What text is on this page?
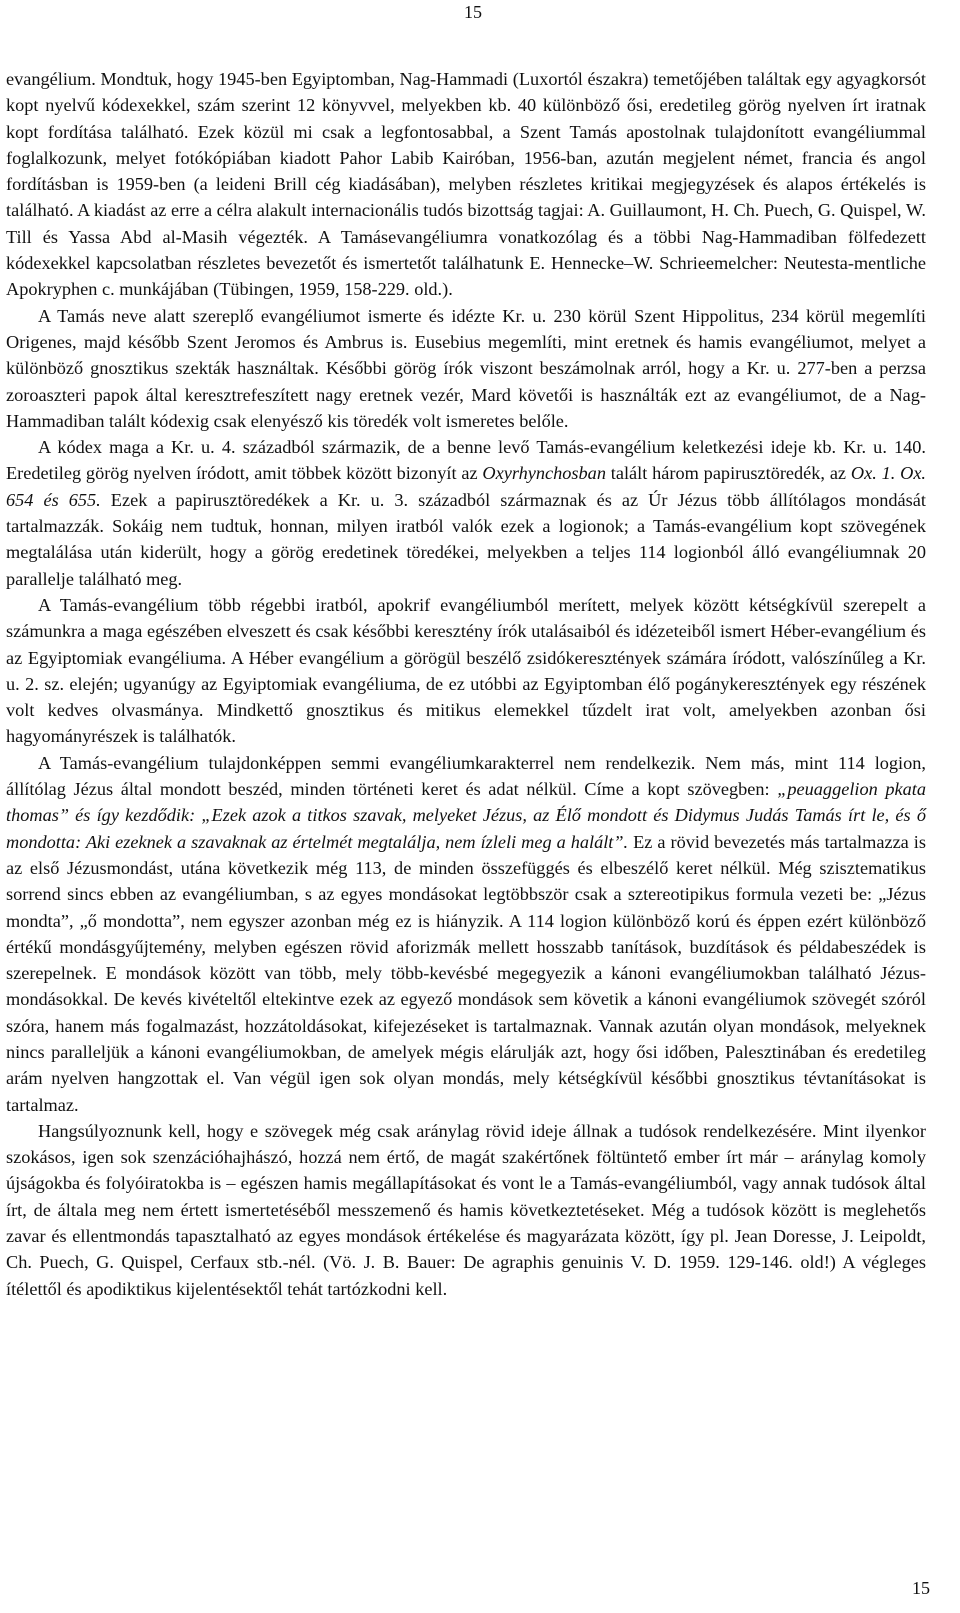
15

evangélium. Mondtuk, hogy 1945-ben Egyiptomban, Nag-Hammadi (Luxortól északra) temetőjében találtak egy agyagkorsót kopt nyelvű kódexekkel, szám szerint 12 könyvvel, melyekben kb. 40 különböző ősi, eredetileg görög nyelven írt iratnak kopt fordítása található. Ezek közül mi csak a legfontosabbal, a Szent Tamás apostolnak tulajdonított evangéliummal foglalkozunk, melyet fotókópiában kiadott Pahor Labib Kairóban, 1956-ban, azután megjelent német, francia és angol fordításban is 1959-ben (a leideni Brill cég kiadásában), melyben részletes kritikai megjegyzések és alapos értékelés is található. A kiadást az erre a célra alakult internacionális tudós bizottság tagjai: A. Guillaumont, H. Ch. Puech, G. Quispel, W. Till és Yassa Abd al-Masih végezték. A Tamásevangéliumra vonatkozólag és a többi Nag-Hammadiban fölfedezett kódexekkel kapcsolatban részletes bevezetőt és ismertetőt találhatunk E. Hennecke–W. Schrieemelcher: Neutesta-mentliche Apokryphen c. munkájában (Tübingen, 1959, 158-229. old.).

A Tamás neve alatt szereplő evangéliumot ismerte és idézte Kr. u. 230 körül Szent Hippolitus, 234 körül megemlíti Origenes, majd később Szent Jeromos és Ambrus is. Eusebius megemlíti, mint eretnek és hamis evangéliumot, melyet a különböző gnosztikus szekták használtak. Későbbi görög írók viszont beszámolnak arról, hogy a Kr. u. 277-ben a perzsa zoroaszteri papok által keresztrefeszített nagy eretnek vezér, Mard követői is használták ezt az evangéliumot, de a Nag-Hammadiban talált kódexig csak elenyésző kis töredék volt ismeretes belőle.

A kódex maga a Kr. u. 4. századból származik, de a benne levő Tamás-evangélium keletkezési ideje kb. Kr. u. 140. Eredetileg görög nyelven íródott, amit többek között bizonyít az Oxyrhynchosban talált három papirusztöredék, az Ox. 1. Ox. 654 és 655. Ezek a papirusztöredékek a Kr. u. 3. századból származnak és az Úr Jézus több állítólagos mondását tartalmazzák. Sokáig nem tudtuk, honnan, milyen iratból valók ezek a logionok; a Tamás-evangélium kopt szövegének megtalálása után kiderült, hogy a görög eredetinek töredékei, melyekben a teljes 114 logionból álló evangéliumnak 20 parallelje található meg.

A Tamás-evangélium több régebbi iratból, apokrif evangéliumból merített, melyek között kétségkívül szerepelt a számunkra a maga egészében elveszett és csak későbbi keresztény írók utalásaiból és idézeteiből ismert Héber-evangélium és az Egyiptomiak evangéliuma. A Héber evangélium a görögül beszélő zsidókeresztények számára íródott, valószínűleg a Kr. u. 2. sz. elején; ugyanúgy az Egyiptomiak evangéliuma, de ez utóbbi az Egyiptomban élő pogánykeresztények egy részének volt kedves olvasmánya. Mindkettő gnosztikus és mitikus elemekkel tűzdelt irat volt, amelyekben azonban ősi hagyományrészek is találhatók.

A Tamás-evangélium tulajdonképpen semmi evangéliumkarakterrel nem rendelkezik. Nem más, mint 114 logion, állítólag Jézus által mondott beszéd, minden történeti keret és adat nélkül. Címe a kopt szövegben: „peuaggelion pkata thomas” és így kezdődik: „Ezek azok a titkos szavak, melyeket Jézus, az Élő mondott és Didymus Judás Tamás írt le, és ő mondotta: Aki ezeknek a szavaknak az értelmét megtalálja, nem ízleli meg a halált”. Ez a rövid bevezetés más tartalmazza is az első Jézusmondást, utána következik még 113, de minden összefüggés és elbeszélő keret nélkül. Még szisztematikus sorrend sincs ebben az evangéliumban, s az egyes mondásokat legtöbbször csak a sztereotipikus formula vezeti be: „Jézus mondta”, „ő mondotta”, nem egyszer azonban még ez is hiányzik. A 114 logion különböző korú és éppen ezért különböző értékű mondásgyűjtemény, melyben egészen rövid aforizmák mellett hosszabb tanítások, buzdítások és példabeszédek is szerepelnek. E mondások között van több, mely több-kevésbé megegyezik a kánoni evangéliumokban található Jézus-mondásokkal. De kevés kivételtől eltekintve ezek az egyező mondások sem követik a kánoni evangéliumok szövegét szóról szóra, hanem más fogalmazást, hozzátoldásokat, kifejezéseket is tartalmaznak. Vannak azután olyan mondások, melyeknek nincs paralleljük a kánoni evangéliumokban, de amelyek mégis elárulják azt, hogy ősi időben, Palesztinában és eredetileg arám nyelven hangzottak el. Van végül igen sok olyan mondás, mely kétségkívül későbbi gnosztikus tévtanításokat is tartalmaz.

Hangsúlyoznunk kell, hogy e szövegek még csak aránylag rövid ideje állnak a tudósok rendelkezésére. Mint ilyenkor szokásos, igen sok szenzációhajhászó, hozzá nem értő, de magát szakértőnek föltüntető ember írt már – aránylag komoly újságokba és folyóiratokba is – egészen hamis megállapításokat és vont le a Tamás-evangéliumból, vagy annak tudósok által írt, de általa meg nem értett ismertetéséből messzemenő és hamis következtetéseket. Még a tudósok között is meglehetős zavar és ellentmondás tapasztalható az egyes mondások értékelése és magyarázata között, így pl. Jean Doresse, J. Leipoldt, Ch. Puech, G. Quispel, Cerfaux stb.-nél. (Vö. J. B. Bauer: De agraphis genuinis V. D. 1959. 129-146. old!) A végleges ítélettől és apodiktikus kijelentésektől tehát tartózkodni kell.

15
